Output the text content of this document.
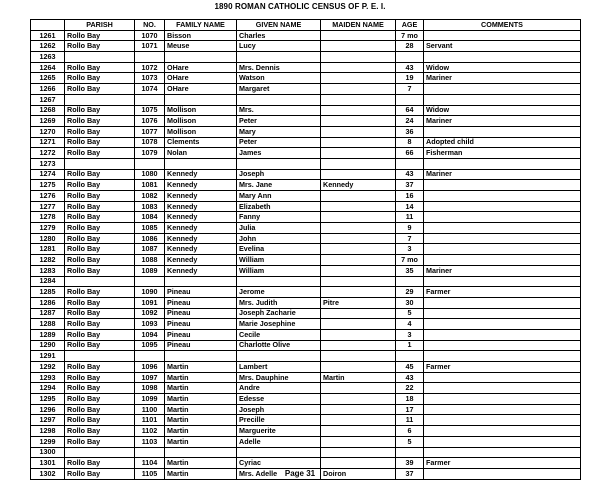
1890 ROMAN CATHOLIC CENSUS OF P. E. I.
	PARISH	NO.	FAMILY NAME	GIVEN NAME	MAIDEN NAME	AGE	COMMENTS
1261	Rollo Bay	1070	Bisson	Charles		7 mo	
1262	Rollo Bay	1071	Meuse	Lucy		28	Servant
1263							
1264	Rollo Bay	1072	OHare	Mrs. Dennis		43	Widow
1265	Rollo Bay	1073	OHare	Watson		19	Mariner
1266	Rollo Bay	1074	OHare	Margaret		7	
1267							
1268	Rollo Bay	1075	Mollison	Mrs.		64	Widow
1269	Rollo Bay	1076	Mollison	Peter		24	Mariner
1270	Rollo Bay	1077	Mollison	Mary		36	
1271	Rollo Bay	1078	Clements	Peter		8	Adopted child
1272	Rollo Bay	1079	Nolan	James		66	Fisherman
1273							
1274	Rollo Bay	1080	Kennedy	Joseph		43	Mariner
1275	Rollo Bay	1081	Kennedy	Mrs. Jane	Kennedy	37	
1276	Rollo Bay	1082	Kennedy	Mary Ann		16	
1277	Rollo Bay	1083	Kennedy	Elizabeth		14	
1278	Rollo Bay	1084	Kennedy	Fanny		11	
1279	Rollo Bay	1085	Kennedy	Julia		9	
1280	Rollo Bay	1086	Kennedy	John		7	
1281	Rollo Bay	1087	Kennedy	Evelina		3	
1282	Rollo Bay	1088	Kennedy	William		7 mo	
1283	Rollo Bay	1089	Kennedy	William		35	Mariner
1284							
1285	Rollo Bay	1090	Pineau	Jerome		29	Farmer
1286	Rollo Bay	1091	Pineau	Mrs. Judith	Pitre	30	
1287	Rollo Bay	1092	Pineau	Joseph Zacharie		5	
1288	Rollo Bay	1093	Pineau	Marie Josephine		4	
1289	Rollo Bay	1094	Pineau	Cecile		3	
1290	Rollo Bay	1095	Pineau	Charlotte Olive		1	
1291							
1292	Rollo Bay	1096	Martin	Lambert		45	Farmer
1293	Rollo Bay	1097	Martin	Mrs. Dauphine	Martin	43	
1294	Rollo Bay	1098	Martin	Andre		22	
1295	Rollo Bay	1099	Martin	Edesse		18	
1296	Rollo Bay	1100	Martin	Joseph		17	
1297	Rollo Bay	1101	Martin	Precille		11	
1298	Rollo Bay	1102	Martin	Marguerite		6	
1299	Rollo Bay	1103	Martin	Adelle		5	
1300							
1301	Rollo Bay	1104	Martin	Cyriac		39	Farmer
1302	Rollo Bay	1105	Martin	Mrs. Adelle	Doiron	37	
Page 31
